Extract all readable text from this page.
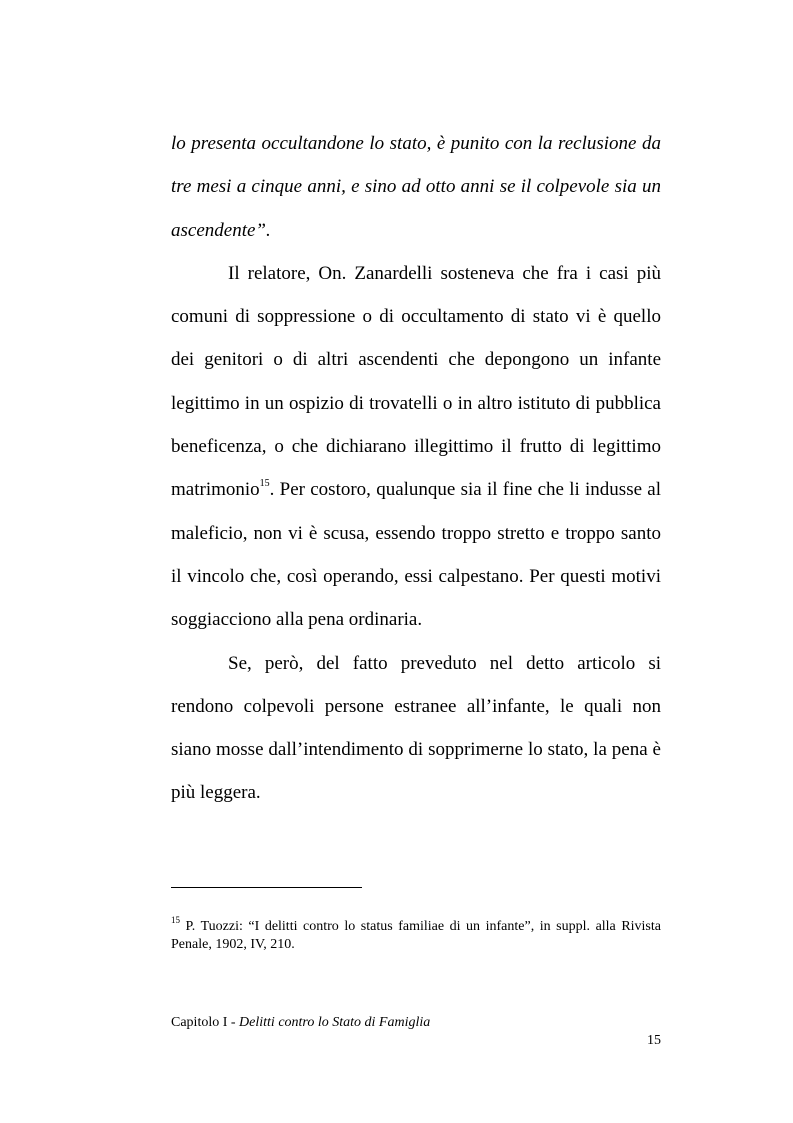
lo presenta occultandone lo stato, è punito con la reclusione da tre mesi a cinque anni, e sino ad otto anni se il colpevole sia un ascendente”.

Il relatore, On. Zanardelli sosteneva che fra i casi più comuni di soppressione o di occultamento di stato vi è quello dei genitori o di altri ascendenti che depongono un infante legittimo in un ospizio di trovatelli o in altro istituto di pubblica beneficenza, o che dichiarano illegittimo il frutto di legittimo matrimonio$^{15}$. Per costoro, qualunque sia il fine che li indusse al maleficio, non vi è scusa, essendo troppo stretto e troppo santo il vincolo che, così operando, essi calpestano. Per questi motivi soggiacciono alla pena ordinaria.

Se, però, del fatto preveduto nel detto articolo si rendono colpevoli persone estranee all’infante, le quali non siano mosse dall’intendimento di sopprimerne lo stato, la pena è più leggera.

$^{15}$ P. Tuozzi: “I delitti contro lo status familiae di un infante”, in suppl. alla Rivista Penale, 1902, IV, 210.
Capitolo I - Delitti contro lo Stato di Famiglia
15
